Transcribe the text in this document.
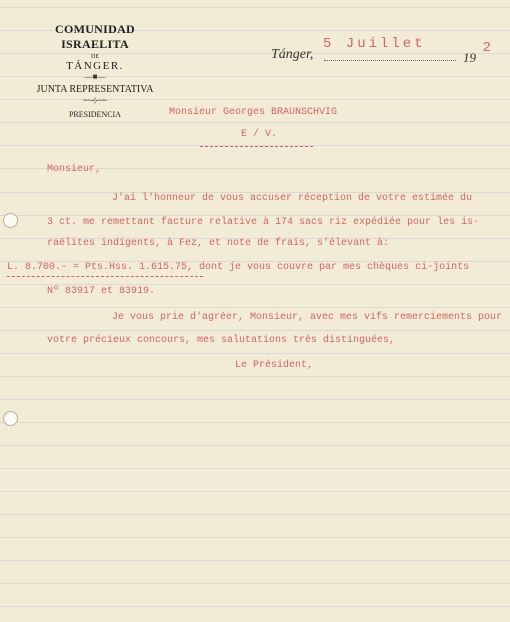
COMUNIDAD ISRAELITA
DE
TÁNGER.
—■—
JUNTA REPRESENTATIVA
~~⊹~~
PRESIDENCIA
5 Juillet	2
Tánger,	19
Monsieur Georges BRAUNSCHVIG
E / V.
Monsieur,
J'ai l'honneur de vous accuser réception de votre estimée du
3 ct. me remettant facture relative à 174 sacs riz expédiée pour les is-
raëlites indigents, à Fez, et note de frais, s'élevant à:
L. 8.700.- = Pts.Hss. 1.615.75, dont je vous couvre par mes chèques ci-joints
Nº 83917 et 83919.
Je vous prie d'agréer, Monsieur, avec mes vifs remerciements pour
votre précieux concours, mes salutations très distinguées,
Le Président,
